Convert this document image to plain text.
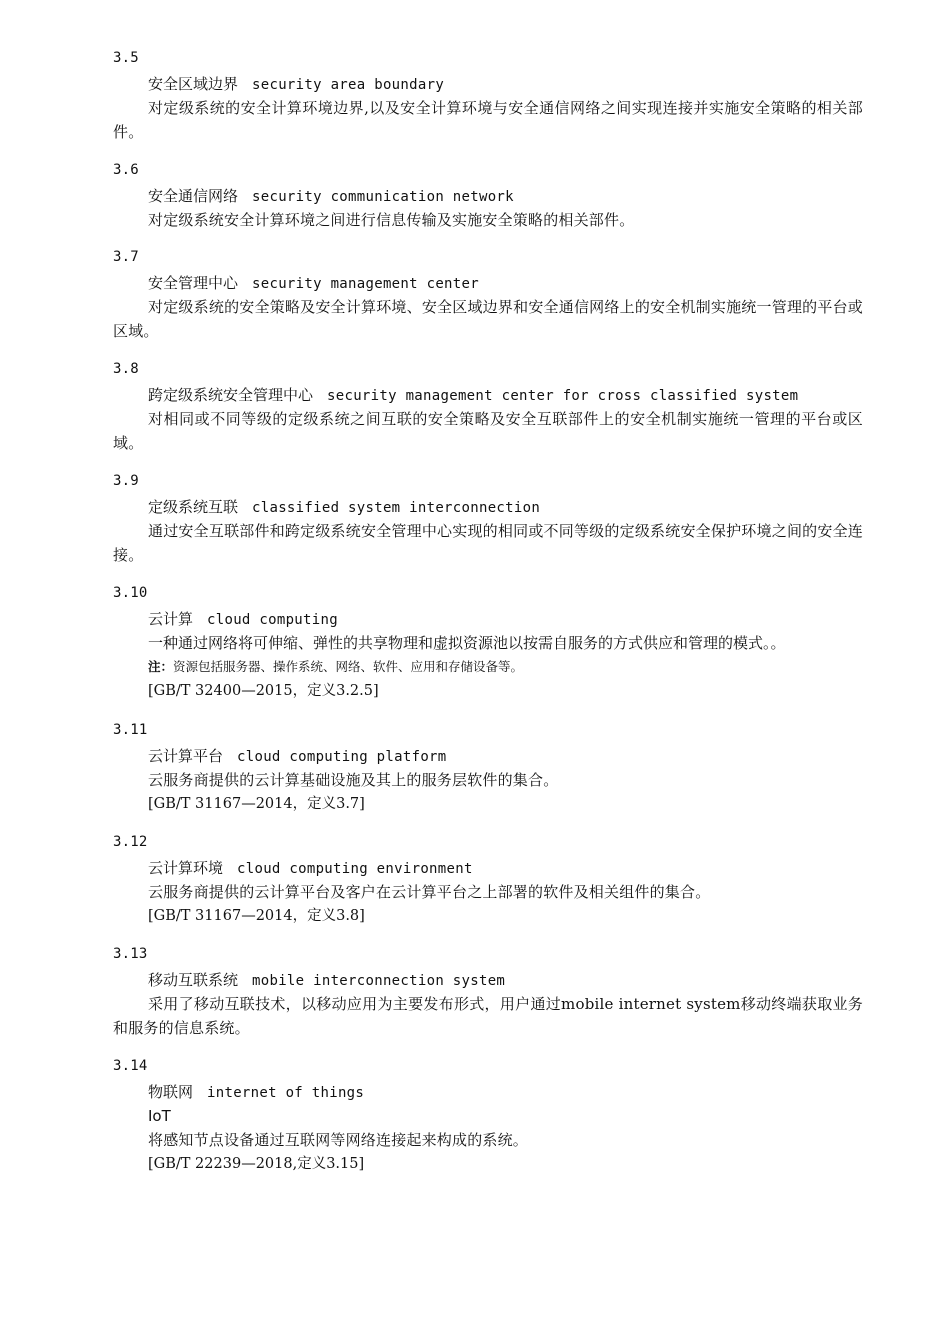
3.5
安全区域边界 security area boundary
对定级系统的安全计算环境边界,以及安全计算环境与安全通信网络之间实现连接并实施安全策略的相关部件。
3.6
安全通信网络 security communication network
对定级系统安全计算环境之间进行信息传输及实施安全策略的相关部件。
3.7
安全管理中心 security management center
对定级系统的安全策略及安全计算环境、安全区域边界和安全通信网络上的安全机制实施统一管理的平台或区域。
3.8
跨定级系统安全管理中心 security management center for cross classified system
对相同或不同等级的定级系统之间互联的安全策略及安全互联部件上的安全机制实施统一管理的平台或区域。
3.9
定级系统互联 classified system interconnection
通过安全互联部件和跨定级系统安全管理中心实现的相同或不同等级的定级系统安全保护环境之间的安全连接。
3.10
云计算 cloud computing
一种通过网络将可伸缩、弹性的共享物理和虚拟资源池以按需自服务的方式供应和管理的模式。。
注：资源包括服务器、操作系统、网络、软件、应用和存储设备等。
[GB/T 32400—2015，定义3.2.5]
3.11
云计算平台 cloud computing platform
云服务商提供的云计算基础设施及其上的服务层软件的集合。
[GB/T 31167—2014，定义3.7]
3.12
云计算环境 cloud computing environment
云服务商提供的云计算平台及客户在云计算平台之上部署的软件及相关组件的集合。
[GB/T 31167—2014，定义3.8]
3.13
移动互联系统 mobile interconnection system
采用了移动互联技术，以移动应用为主要发布形式，用户通过mobile internet system移动终端获取业务和服务的信息系统。
3.14
物联网 internet of things
IoT
将感知节点设备通过互联网等网络连接起来构成的系统。
[GB/T 22239—2018,定义3.15]
